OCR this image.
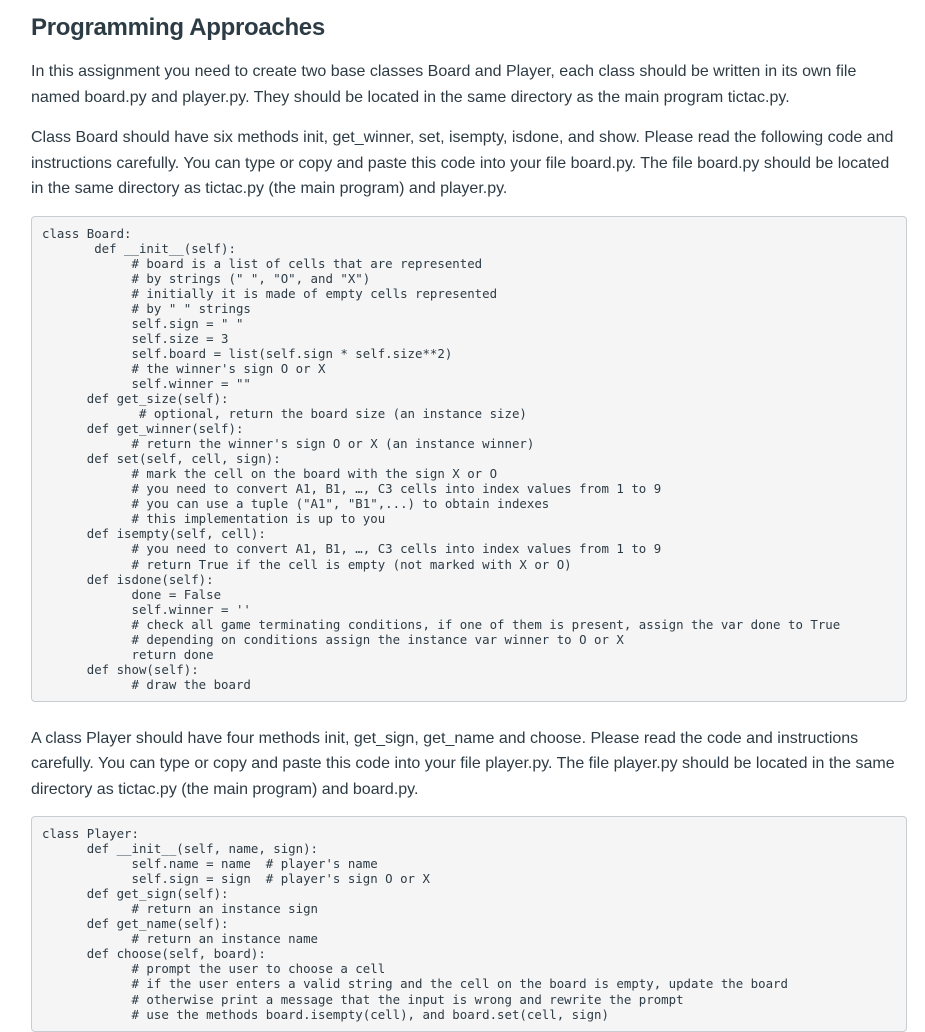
Programming Approaches

In this assignment you need to create two base classes Board and Player, each class should be written in its own file named board.py and player.py. They should be located in the same directory as the main program tictac.py.

Class Board should have six methods init, get_winner, set, isempty, isdone, and show. Please read the following code and instructions carefully. You can type or copy and paste this code into your file board.py. The file board.py should be located in the same directory as tictac.py (the main program) and player.py.

class Board:
def __init__(self):
# board is a list of cells that are represented
# by strings (" ", "O", and "X")
# initially it is made of empty cells represented
# by " " strings
self.sign = " "
self.size = 3
self.board = list(self.sign * self.size**2)
# the winner's sign O or X
self.winner = ""
def get_size(self):
# optional, return the board size (an instance size)
def get_winner(self):
# return the winner's sign O or X (an instance winner)
def set(self, cell, sign):
# mark the cell on the board with the sign X or O
# you need to convert A1, B1, …, C3 cells into index values from 1 to 9
# you can use a tuple ("A1", "B1",...) to obtain indexes
# this implementation is up to you
def isempty(self, cell):
# you need to convert A1, B1, …, C3 cells into index values from 1 to 9
# return True if the cell is empty (not marked with X or O)
def isdone(self):
done = False
self.winner = ''
# check all game terminating conditions, if one of them is present, assign the var done to True
# depending on conditions assign the instance var winner to O or X
return done
def show(self):
# draw the board

A class Player should have four methods init, get_sign, get_name and choose. Please read the code and instructions carefully. You can type or copy and paste this code into your file player.py. The file player.py should be located in the same directory as tictac.py (the main program) and board.py.

class Player:
def __init__(self, name, sign):
self.name = name  # player's name
self.sign = sign  # player's sign O or X
def get_sign(self):
# return an instance sign
def get_name(self):
# return an instance name
def choose(self, board):
# prompt the user to choose a cell
# if the user enters a valid string and the cell on the board is empty, update the board
# otherwise print a message that the input is wrong and rewrite the prompt
# use the methods board.isempty(cell), and board.set(cell, sign)
